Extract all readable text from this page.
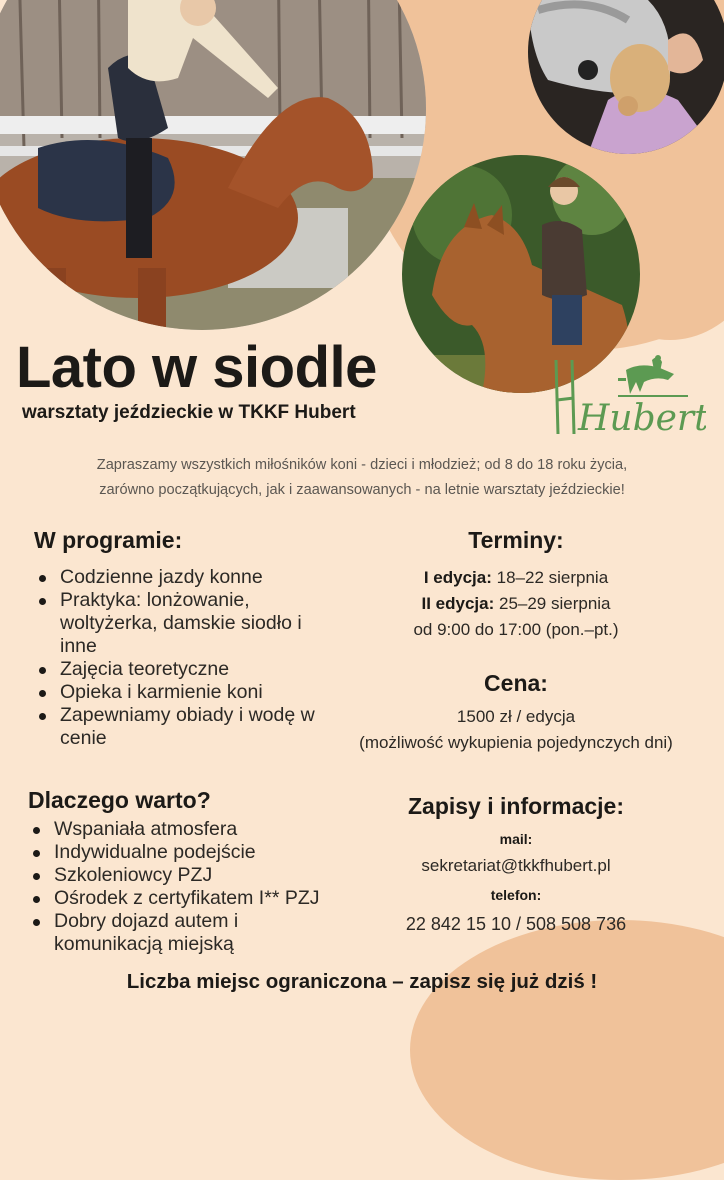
Lato w siodle

warsztaty jeździeckie w TKKF Hubert	Hubert
Zapraszamy wszystkich miłośników koni - dzieci i młodzież; od 8 do 18 roku życia,
zarówno początkujących, jak i zaawansowanych - na letnie warsztaty jeździeckie!
W programie:
Codzienne jazdy konne
Praktyka: lonżowanie, woltyżerka, damskie siodło i inne
Zajęcia teoretyczne
Opieka i karmienie koni
Zapewniamy obiady i wodę w cenie
Terminy:
I edycja: 18–22 sierpnia
II edycja: 25–29 sierpnia
od 9:00 do 17:00 (pon.–pt.)
Cena:
1500 zł / edycja
(możliwość wykupienia pojedynczych dni)
Dlaczego warto?
Wspaniała atmosfera
Indywidualne podejście
Szkoleniowcy PZJ
Ośrodek z certyfikatem I** PZJ
Dobry dojazd autem i komunikacją miejską
Zapisy i informacje:
mail:
sekretariat@tkkfhubert.pl
telefon:
22 842 15 10 / 508 508 736
Liczba miejsc ograniczona – zapisz się już dziś !
